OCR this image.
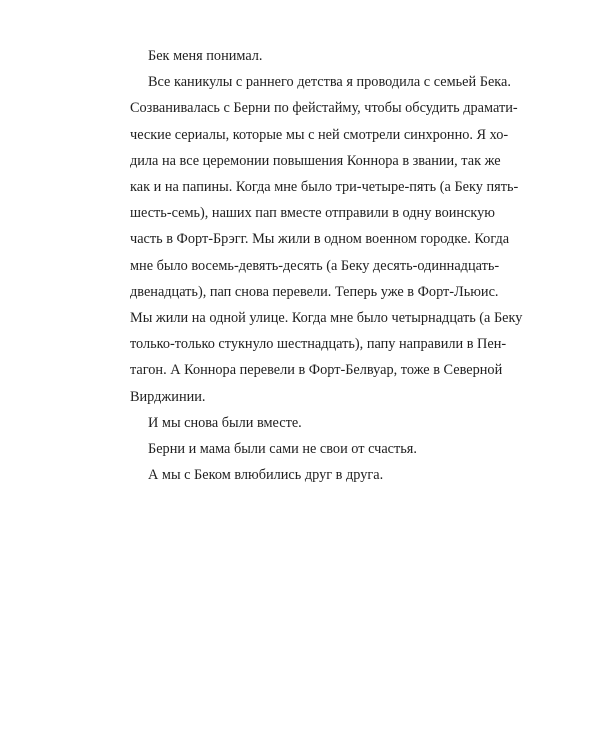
Бек меня понимал.
Все каникулы с раннего детства я проводила с семьей Бека.
Созванивалась с Берни по фейстайму, чтобы обсудить драмати-
ческие сериалы, которые мы с ней смотрели синхронно. Я хо-
дила на все церемонии повышения Коннора в звании, так же
как и на папины. Когда мне было три-четыре-пять (а Беку пять-
шесть-семь), наших пап вместе отправили в одну воинскую
часть в Форт-Брэгг. Мы жили в одном военном городке. Когда
мне было восемь-девять-десять (а Беку десять-одиннадцать-
двенадцать), пап снова перевели. Теперь уже в Форт-Льюис.
Мы жили на одной улице. Когда мне было четырнадцать (а Беку
только-только стукнуло шестнадцать), папу направили в Пен-
тагон. А Коннора перевели в Форт-Белвуар, тоже в Северной
Вирджинии.
И мы снова были вместе.
Берни и мама были сами не свои от счастья.
А мы с Беком влюбились друг в друга.
